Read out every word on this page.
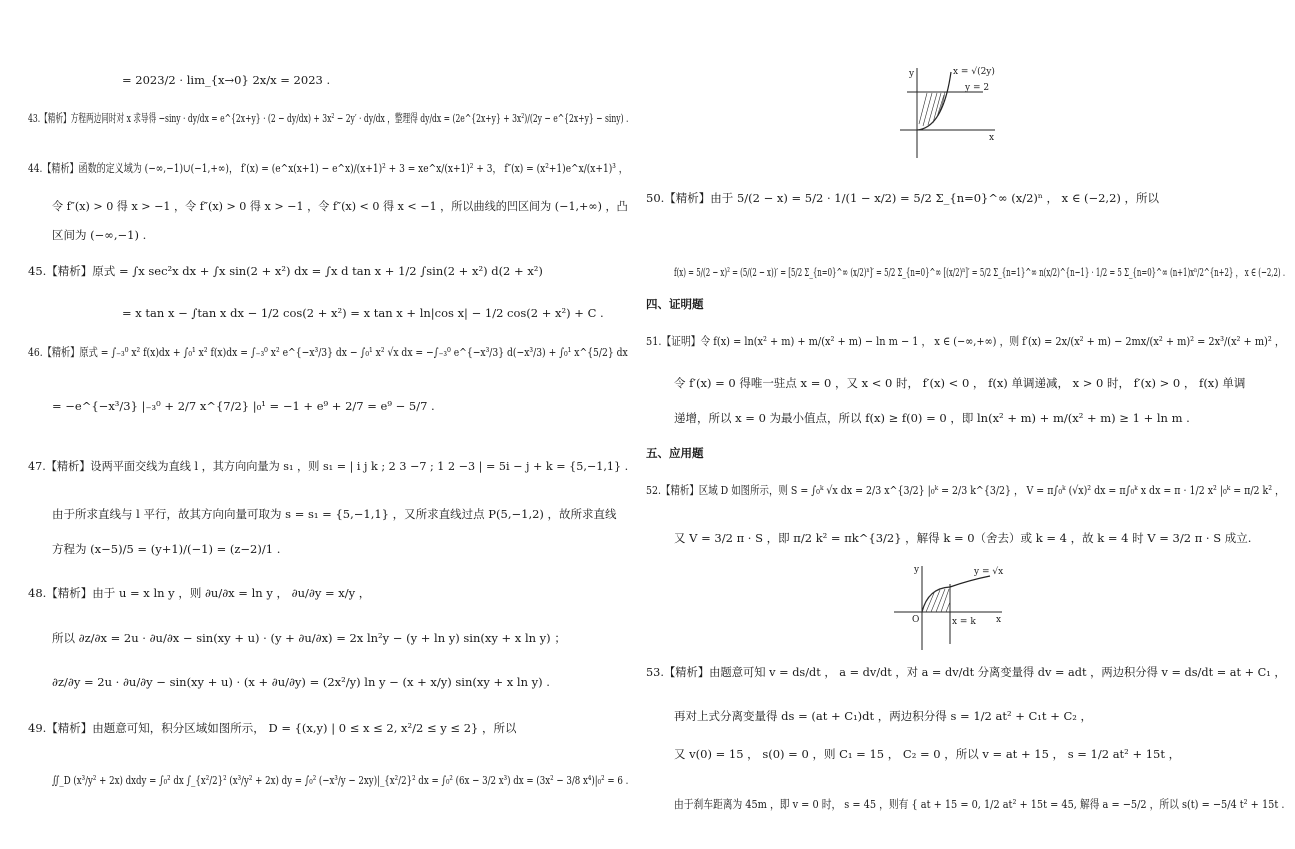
= 2023/2 · lim_{x→0} 2x/x = 2023 .
43.【精析】方程两边同时对 x 求导得 −siny · dy/dx = e^{2x+y} · (2 − dy/dx) + 3x² − 2y′ · dy/dx ，整理得 dy/dx = (2e^{2x+y} + 3x²)/(2y − e^{2x+y} − siny) .
44.【精析】函数的定义域为 (−∞,−1)∪(−1,+∞)， f′(x) = (e^x(x+1) − e^x)/(x+1)² + 3 = xe^x/(x+1)² + 3， f″(x) = (x²+1)e^x/(x+1)³ ，
令 f″(x) > 0 得 x > −1 ，令 f″(x) > 0 得 x > −1 ，令 f″(x) < 0 得 x < −1 ，所以曲线的凹区间为 (−1,+∞) ，凸
区间为 (−∞,−1) .
45.【精析】原式 = ∫x sec²x dx + ∫x sin(2 + x²) dx = ∫x d tan x + 1/2 ∫sin(2 + x²) d(2 + x²)
= x tan x − ∫tan x dx − 1/2 cos(2 + x²) = x tan x + ln|cos x| − 1/2 cos(2 + x²) + C .
46.【精析】原式 = ∫₋₃⁰ x² f(x)dx + ∫₀¹ x² f(x)dx = ∫₋₃⁰ x² e^{−x³/3} dx − ∫₀¹ x² √x dx = −∫₋₃⁰ e^{−x³/3} d(−x³/3) + ∫₀¹ x^{5/2} dx
= −e^{−x³/3} |₋₃⁰ + 2/7 x^{7/2} |₀¹ = −1 + e⁹ + 2/7 = e⁹ − 5/7 .
47.【精析】设两平面交线为直线 l ，其方向向量为 s₁ ，则 s₁ = | i j k ; 2 3 −7 ; 1 2 −3 | = 5i − j + k = {5,−1,1} .
由于所求直线与 l 平行，故其方向向量可取为 s = s₁ = {5,−1,1} ，又所求直线过点 P(5,−1,2) ，故所求直线
方程为 (x−5)/5 = (y+1)/(−1) = (z−2)/1 .
48.【精析】由于 u = x ln y ，则 ∂u/∂x = ln y ， ∂u/∂y = x/y ，
所以 ∂z/∂x = 2u · ∂u/∂x − sin(xy + u) · (y + ∂u/∂x) = 2x ln²y − (y + ln y) sin(xy + x ln y) ；
∂z/∂y = 2u · ∂u/∂y − sin(xy + u) · (x + ∂u/∂y) = (2x²/y) ln y − (x + x/y) sin(xy + x ln y) .
49.【精析】由题意可知，积分区域如图所示， D = {(x,y) | 0 ≤ x ≤ 2, x²/2 ≤ y ≤ 2} ，所以
∬_D (x³/y² + 2x) dxdy = ∫₀² dx ∫_{x²/2}² (x³/y² + 2x) dy = ∫₀² (−x³/y − 2xy)|_{x²/2}² dx = ∫₀² (6x − 3/2 x³) dx = (3x² − 3/8 x⁴)|₀² = 6 .
x
y	x = √(2y)
y = 2
50.【精析】由于 5/(2 − x) = 5/2 · 1/(1 − x/2) = 5/2 Σ_{n=0}^∞ (x/2)ⁿ ， x ∈ (−2,2) ，所以
f(x) = 5/(2 − x)² = (5/(2 − x))′ = [5/2 Σ_{n=0}^∞ (x/2)ⁿ]′ = 5/2 Σ_{n=0}^∞ [(x/2)ⁿ]′ = 5/2 Σ_{n=1}^∞ n(x/2)^{n−1} · 1/2 = 5 Σ_{n=0}^∞ (n+1)xⁿ/2^{n+2} ， x ∈ (−2,2) .
四、证明题
51.【证明】令 f(x) = ln(x² + m) + m/(x² + m) − ln m − 1 ， x ∈ (−∞,+∞) ，则 f′(x) = 2x/(x² + m) − 2mx/(x² + m)² = 2x³/(x² + m)² ，
令 f′(x) = 0 得唯一驻点 x = 0 ，又 x < 0 时， f′(x) < 0 ， f(x) 单调递减， x > 0 时， f′(x) > 0 ， f(x) 单调
递增，所以 x = 0 为最小值点，所以 f(x) ≥ f(0) = 0 ，即 ln(x² + m) + m/(x² + m) ≥ 1 + ln m .
五、应用题
52.【精析】区域 D 如图所示，则 S = ∫₀ᵏ √x dx = 2/3 x^{3/2} |₀ᵏ = 2/3 k^{3/2} ， V = π∫₀ᵏ (√x)² dx = π∫₀ᵏ x dx = π · 1/2 x² |₀ᵏ = π/2 k² ，
又 V = 3/2 π · S ，即 π/2 k² = πk^{3/2} ，解得 k = 0（舍去）或 k = 4 ，故 k = 4 时 V = 3/2 π · S 成立.
x
y
O
y = √x
x = k
53.【精析】由题意可知 v = ds/dt ， a = dv/dt ，对 a = dv/dt 分离变量得 dv = adt ，两边积分得 v = ds/dt = at + C₁ ，
再对上式分离变量得 ds = (at + C₁)dt ，两边积分得 s = 1/2 at² + C₁t + C₂ ，
又 v(0) = 15 ， s(0) = 0 ，则 C₁ = 15 ， C₂ = 0 ，所以 v = at + 15 ， s = 1/2 at² + 15t ，
由于刹车距离为 45m ，即 v = 0 时， s = 45 ，则有 { at + 15 = 0, 1/2 at² + 15t = 45, 解得 a = −5/2 ，所以 s(t) = −5/4 t² + 15t .
